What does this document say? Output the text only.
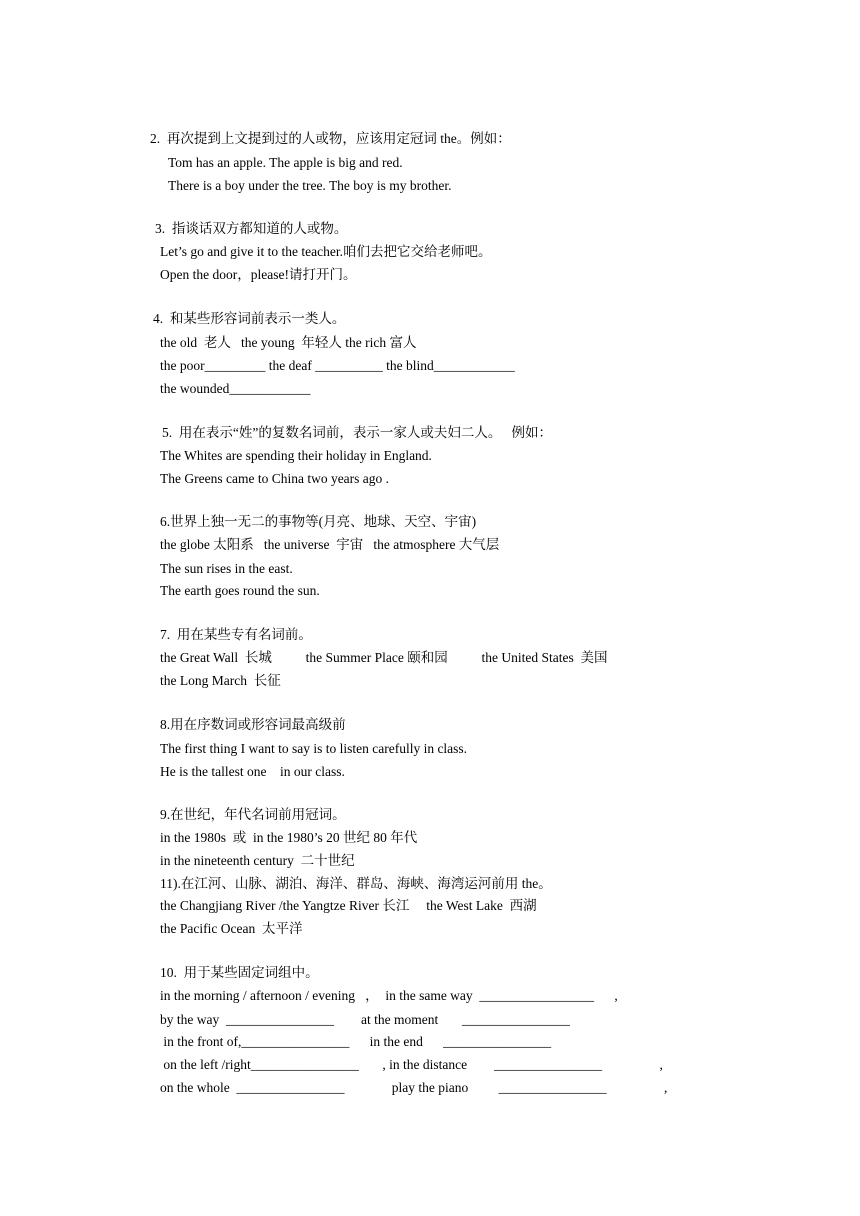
2.  再次提到上文提到过的人或物，应该用定冠词 the。例如：
Tom has an apple. The apple is big and red.
There is a boy under the tree. The boy is my brother.
3.  指谈话双方都知道的人或物。
Let’s go and give it to the teacher.咱们去把它交给老师吧。
Open the door，please!请打开门。
4.  和某些形容词前表示一类人。
the old  老人   the young  年轻人 the rich 富人
the poor_________ the deaf __________ the blind____________
the wounded____________
5.  用在表示“姓”的复数名词前，表示一家人或夫妇二人。   例如：
The Whites are spending their holiday in England.
The Greens came to China two years ago .
6.世界上独一无二的事物等(月亮、地球、天空、宇宙)
the globe 太阳系   the universe  宇宙   the atmosphere 大气层
The sun rises in the east.
The earth goes round the sun.
7.  用在某些专有名词前。
the Great Wall  长城          the Summer Place 颐和园          the United States  美国
the Long March  长征
8.用在序数词或形容词最高级前
The first thing I want to say is to listen carefully in class.
He is the tallest one    in our class.
9.在世纪，年代名词前用冠词。
in the 1980s  或  in the 1980’s 20 世纪 80 年代
in the nineteenth century  二十世纪
11).在江河、山脉、湖泊、海洋、群岛、海峡、海湾运河前用 the。
the Changjiang River /the Yangtze River 长江     the West Lake  西湖
the Pacific Ocean  太平洋
10.  用于某些固定词组中。
in the morning / afternoon / evening   ，  in the same way  _________________      ,
by the way  ________________        at the moment       ________________
in the front of,________________      in the end      ________________
on the left /right________________       , in the distance        ________________                 ,
on the whole  ________________              play the piano         ________________                 ,
